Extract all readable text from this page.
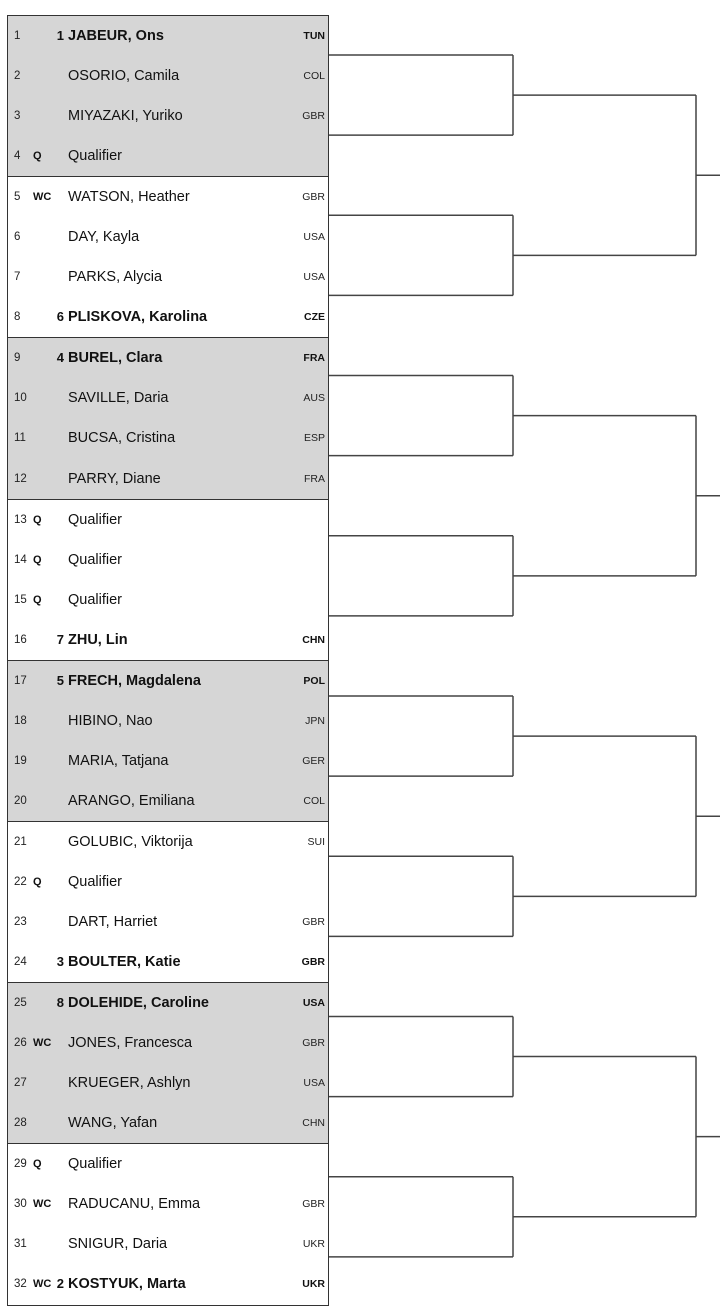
1	1 JABEUR, Ons	TUN
2	OSORIO, Camila	COL
3	MIYAZAKI, Yuriko	GBR
4 Q Qualifier
5 WC WATSON, Heather	GBR
6	DAY, Kayla	USA
7	PARKS, Alycia	USA
8	6 PLISKOVA, Karolina	CZE
9	4 BUREL, Clara	FRA
10	SAVILLE, Daria	AUS
11	BUCSA, Cristina	ESP
12	PARRY, Diane	FRA
13 Q Qualifier
14 Q Qualifier
15 Q Qualifier
16	7 ZHU, Lin	CHN
17	5 FRECH, Magdalena	POL
18	HIBINO, Nao	JPN
19	MARIA, Tatjana	GER
20	ARANGO, Emiliana	COL
21	GOLUBIC, Viktorija	SUI
22 Q Qualifier
23	DART, Harriet	GBR
24	3 BOULTER, Katie	GBR
25	8 DOLEHIDE, Caroline	USA
26 WC JONES, Francesca	GBR
27	KRUEGER, Ashlyn	USA
28	WANG, Yafan	CHN
29 Q Qualifier
30 WC RADUCANU, Emma	GBR
31	SNIGUR, Daria	UKR
32 WC 2 KOSTYUK, Marta	UKR
